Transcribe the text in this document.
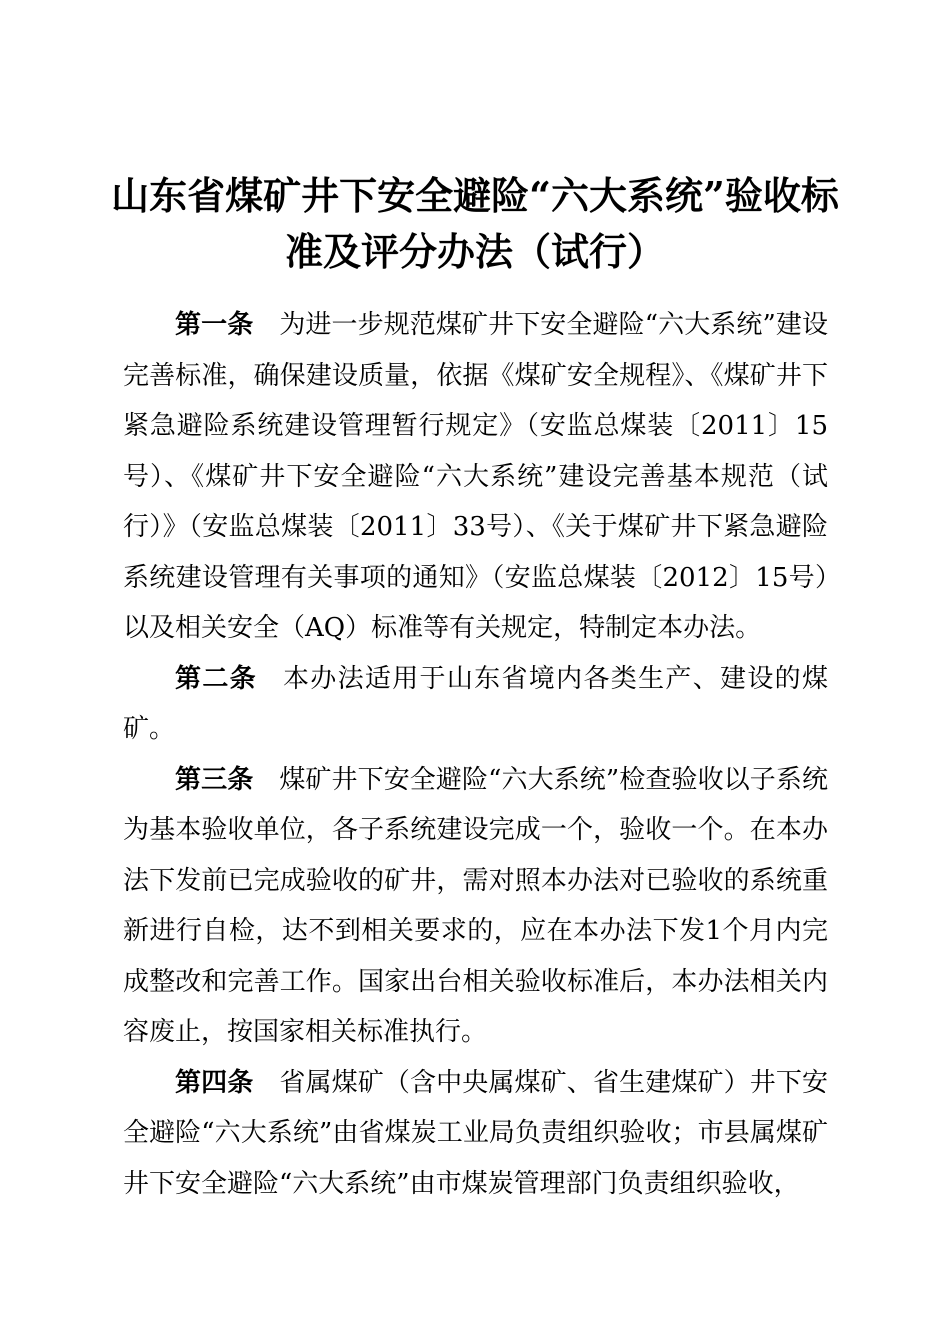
山东省煤矿井下安全避险“六大系统”验收标
准及评分办法（试行）

第一条 为进一步规范煤矿井下安全避险“六大系统”建设完善标准，确保建设质量，依据《煤矿安全规程》、《煤矿井下紧急避险系统建设管理暂行规定》（安监总煤装〔2011〕15号）、《煤矿井下安全避险“六大系统”建设完善基本规范（试行）》（安监总煤装〔2011〕33号）、《关于煤矿井下紧急避险系统建设管理有关事项的通知》（安监总煤装〔2012〕15号）以及相关安全（AQ）标准等有关规定，特制定本办法。

第二条 本办法适用于山东省境内各类生产、建设的煤矿。

第三条 煤矿井下安全避险“六大系统”检查验收以子系统为基本验收单位，各子系统建设完成一个，验收一个。在本办法下发前已完成验收的矿井，需对照本办法对已验收的系统重新进行自检，达不到相关要求的，应在本办法下发1个月内完成整改和完善工作。国家出台相关验收标准后，本办法相关内容废止，按国家相关标准执行。

第四条 省属煤矿（含中央属煤矿、省生建煤矿）井下安全避险“六大系统”由省煤炭工业局负责组织验收；市县属煤矿井下安全避险“六大系统”由市煤炭管理部门负责组织验收，
